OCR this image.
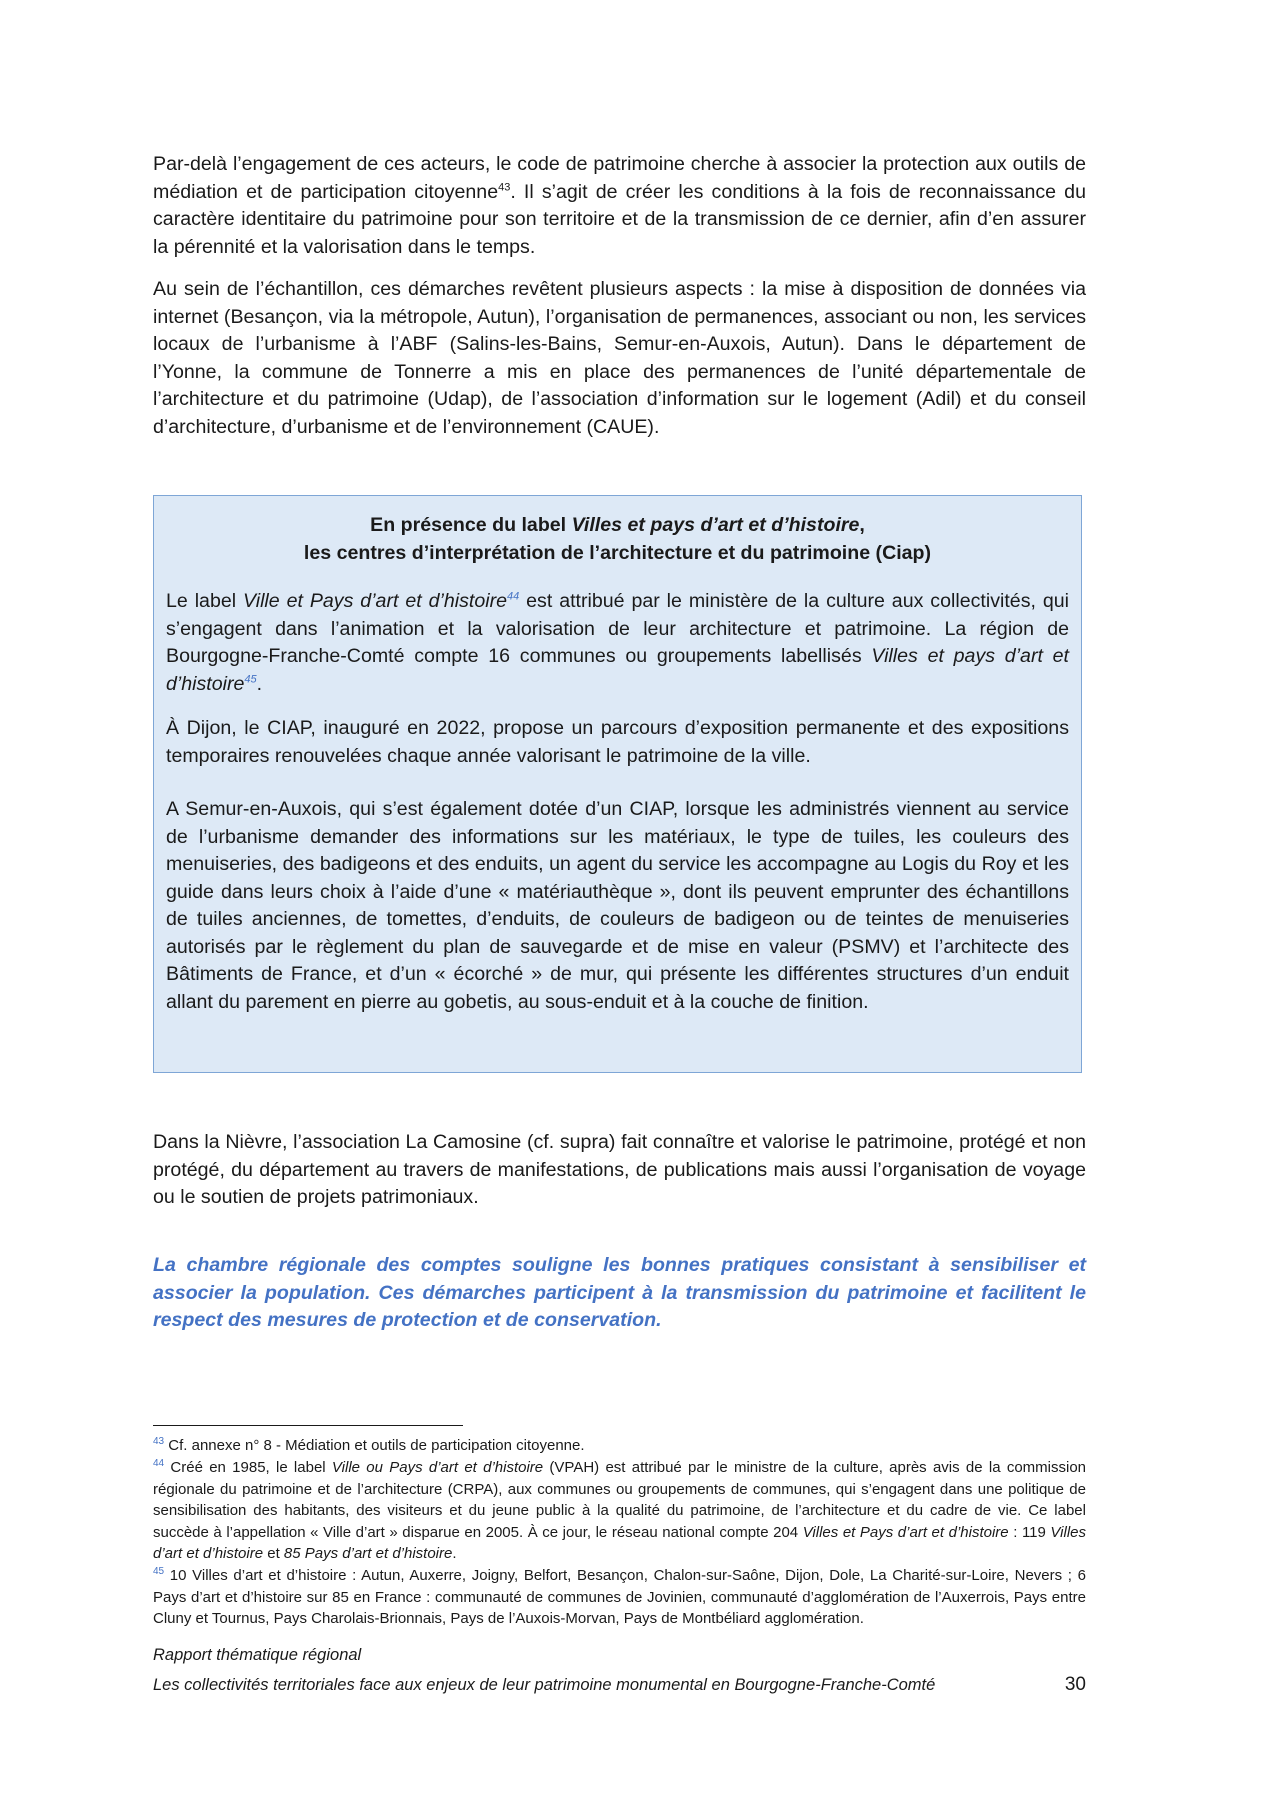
Par-delà l’engagement de ces acteurs, le code de patrimoine cherche à associer la protection aux outils de médiation et de participation citoyenne$^{43}$. Il s’agit de créer les conditions à la fois de reconnaissance du caractère identitaire du patrimoine pour son territoire et de la transmission de ce dernier, afin d’en assurer la pérennité et la valorisation dans le temps.

Au sein de l’échantillon, ces démarches revêtent plusieurs aspects : la mise à disposition de données via internet (Besançon, via la métropole, Autun), l’organisation de permanences, associant ou non, les services locaux de l’urbanisme à l’ABF (Salins-les-Bains, Semur-en-Auxois, Autun). Dans le département de l’Yonne, la commune de Tonnerre a mis en place des permanences de l’unité départementale de l’architecture et du patrimoine (Udap), de l’association d’information sur le logement (Adil) et du conseil d’architecture, d’urbanisme et de l’environnement (CAUE).

En présence du label Villes et pays d’art et d’histoire,
les centres d’interprétation de l’architecture et du patrimoine (Ciap)

Le label Ville et Pays d’art et d’histoire$^{44}$ est attribué par le ministère de la culture aux collectivités, qui s’engagent dans l’animation et la valorisation de leur architecture et patrimoine. La région de Bourgogne-Franche-Comté compte 16 communes ou groupements labellisés Villes et pays d’art et d’histoire$^{45}$.

À Dijon, le CIAP, inauguré en 2022, propose un parcours d’exposition permanente et des expositions temporaires renouvelées chaque année valorisant le patrimoine de la ville.

A Semur-en-Auxois, qui s’est également dotée d’un CIAP, lorsque les administrés viennent au service de l’urbanisme demander des informations sur les matériaux, le type de tuiles, les couleurs des menuiseries, des badigeons et des enduits, un agent du service les accompagne au Logis du Roy et les guide dans leurs choix à l’aide d’une « matériauthèque », dont ils peuvent emprunter des échantillons de tuiles anciennes, de tomettes, d’enduits, de couleurs de badigeon ou de teintes de menuiseries autorisés par le règlement du plan de sauvegarde et de mise en valeur (PSMV) et l’architecte des Bâtiments de France, et d’un « écorché » de mur, qui présente les différentes structures d’un enduit allant du parement en pierre au gobetis, au sous-enduit et à la couche de finition.

Dans la Nièvre, l’association La Camosine (cf. supra) fait connaître et valorise le patrimoine, protégé et non protégé, du département au travers de manifestations, de publications mais aussi l’organisation de voyage ou le soutien de projets patrimoniaux.

La chambre régionale des comptes souligne les bonnes pratiques consistant à sensibiliser et associer la population. Ces démarches participent à la transmission du patrimoine et facilitent le respect des mesures de protection et de conservation.

$^{43}$ Cf. annexe n° 8 - Médiation et outils de participation citoyenne.

$^{44}$ Créé en 1985, le label Ville ou Pays d’art et d’histoire (VPAH) est attribué par le ministre de la culture, après avis de la commission régionale du patrimoine et de l’architecture (CRPA), aux communes ou groupements de communes, qui s’engagent dans une politique de sensibilisation des habitants, des visiteurs et du jeune public à la qualité du patrimoine, de l’architecture et du cadre de vie. Ce label succède à l’appellation « Ville d’art » disparue en 2005. À ce jour, le réseau national compte 204 Villes et Pays d’art et d’histoire : 119 Villes d’art et d’histoire et 85 Pays d’art et d’histoire.

$^{45}$ 10 Villes d’art et d’histoire : Autun, Auxerre, Joigny, Belfort, Besançon, Chalon-sur-Saône, Dijon, Dole, La Charité-sur-Loire, Nevers ; 6 Pays d’art et d’histoire sur 85 en France : communauté de communes de Jovinien, communauté d’agglomération de l’Auxerrois, Pays entre Cluny et Tournus, Pays Charolais-Brionnais, Pays de l’Auxois-Morvan, Pays de Montbéliard agglomération.

Rapport thématique régional
Les collectivités territoriales face aux enjeux de leur patrimoine monumental en Bourgogne-Franche-Comté	30
